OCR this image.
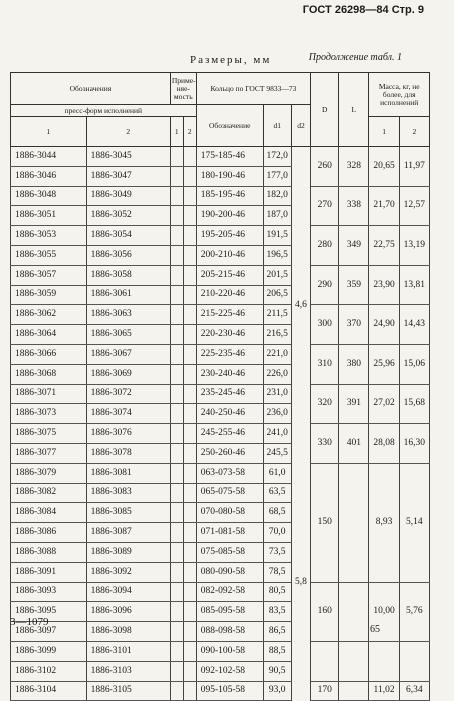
ГОСТ 26298—84 Стр. 9
Размеры, мм	Продолжение табл. 1
Обозначения		Приме- няе- мость		Кольцо по ГОСТ 9833—73			D	L	Масса, кг, не более, для исполнений	
пресс-форм исполнений				Обозначение	d1	d2				
1	2	1	2						1	2
1886-3044	1886-3045			175-185-46	172,0	4,6	260	328	20,65	11,97
1886-3046	1886-3047			180-190-46	177,0					
1886-3048	1886-3049			185-195-46	182,0		270	338	21,70	12,57
1886-3051	1886-3052			190-200-46	187,0					
1886-3053	1886-3054			195-205-46	191,5		280	349	22,75	13,19
1886-3055	1886-3056			200-210-46	196,5					
1886-3057	1886-3058			205-215-46	201,5		290	359	23,90	13,81
1886-3059	1886-3061			210-220-46	206,5					
1886-3062	1886-3063			215-225-46	211,5		300	370	24,90	14,43
1886-3064	1886-3065			220-230-46	216,5					
1886-3066	1886-3067			225-235-46	221,0		310	380	25,96	15,06
1886-3068	1886-3069			230-240-46	226,0					
1886-3071	1886-3072			235-245-46	231,0		320	391	27,02	15,68
1886-3073	1886-3074			240-250-46	236,0					
1886-3075	1886-3076			245-255-46	241,0		330	401	28,08	16,30
1886-3077	1886-3078			250-260-46	245,5					
1886-3079	1886-3081			063-073-58	61,0	5,8	150		8,93	5,14
1886-3082	1886-3083			065-075-58	63,5					
1886-3084	1886-3085			070-080-58	68,5					
1886-3086	1886-3087			071-081-58	70,0					
1886-3088	1886-3089			075-085-58	73,5					
1886-3091	1886-3092			080-090-58	78,5					
1886-3093	1886-3094			082-092-58	80,5		160		10,00	5,76
1886-3095	1886-3096			085-095-58	83,5					
1886-3097	1886-3098			088-098-58	86,5					
1886-3099	1886-3101			090-100-58	88,5					
1886-3102	1886-3103			092-102-58	90,5					
1886-3104	1886-3105			095-105-58	93,0		170		11,02	6,34
3—1079
65
